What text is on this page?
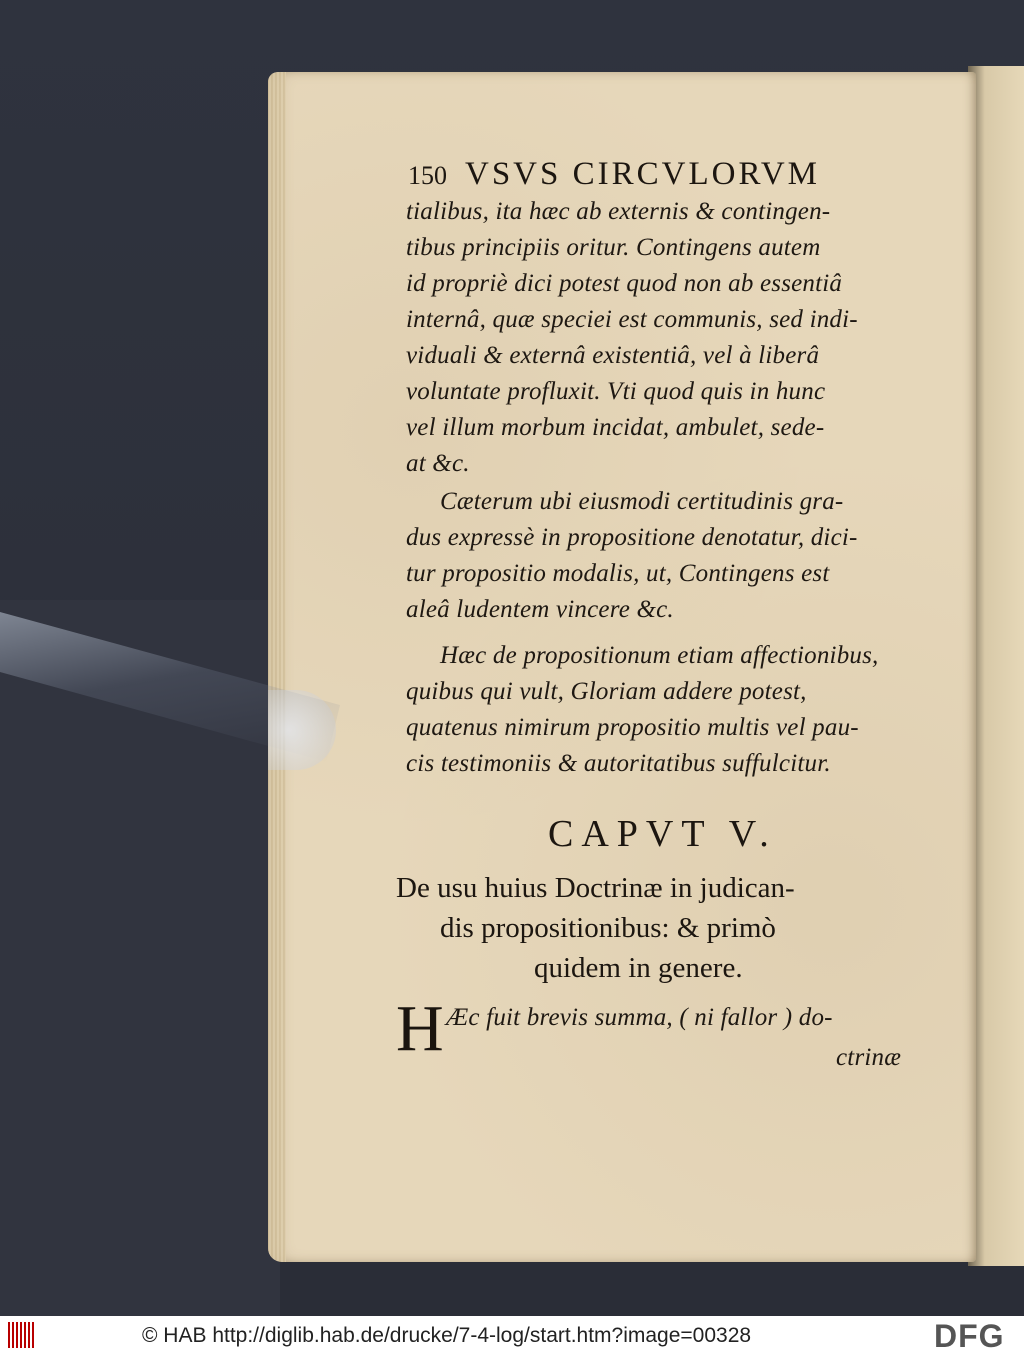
150 VSVS CIRCVLORVM
tialibus, ita hæc ab externis & contingen-
tibus principiis oritur. Contingens autem
id propriè dici potest quod non ab essentiâ
internâ, quæ speciei est communis, sed indi-
viduali & externâ existentiâ, vel à liberâ
voluntate profluxit. Vti quod quis in hunc
vel illum morbum incidat, ambulet, sede-
at &c.
Cæterum ubi eiusmodi certitudinis gra-
dus expressè in propositione denotatur, dici-
tur propositio modalis, ut, Contingens est
aleâ ludentem vincere &c.
Hæc de propositionum etiam affectionibus,
quibus qui vult, Gloriam addere potest,
quatenus nimirum propositio multis vel pau-
cis testimoniis & autoritatibus suffulcitur.
CAPVT V.
De usu huius Doctrinæ in judican-
dis propositionibus: & primò
quidem in genere.
H Æc fuit brevis summa, ( ni fallor ) do-
ctrinæ
© HAB http://diglib.hab.de/drucke/7-4-log/start.htm?image=00328	DFG
